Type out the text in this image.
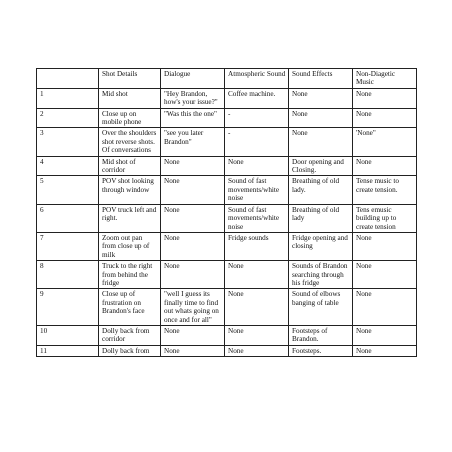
	Shot Details	Dialogue	Atmospheric Sound	Sound Effects	Non-Diagetic Music

1	Mid shot	"Hey Brandon, how's your issue?"	Coffee machine.	None	None

2	Close up on mobile phone	"Was this the one"	-	None	None

3	Over the shoulders shot reverse shots. Of conversations	"see you later Brandon"	-	None	'None"

4	Mid shot of corridor	None	None	Door opening and Closing.	None

5	POV shot looking through window	None	Sound of fast movements/white noise	Breathing of old lady.	Tense music to create tension.

6	POV truck left and right.	None	Sound of fast movements/white noise	Breathing of old lady	Tens emusic building up to create tension

7	Zoom out pan from close up of milk	None	Fridge sounds	Fridge opening and closing	None

8	Truck to the right from behind the fridge	None	None	Sounds of Brandon searching through his fridge	None

9	Close up of frustration on Brandon's face	"well I guess its finally time to find out whats going on once and for all"	None	Sound of elbows banging of table	None

10	Dolly back from corridor	None	None	Footsteps of Brandon.	None

11	Dolly back from	None	None	Footsteps.	None
